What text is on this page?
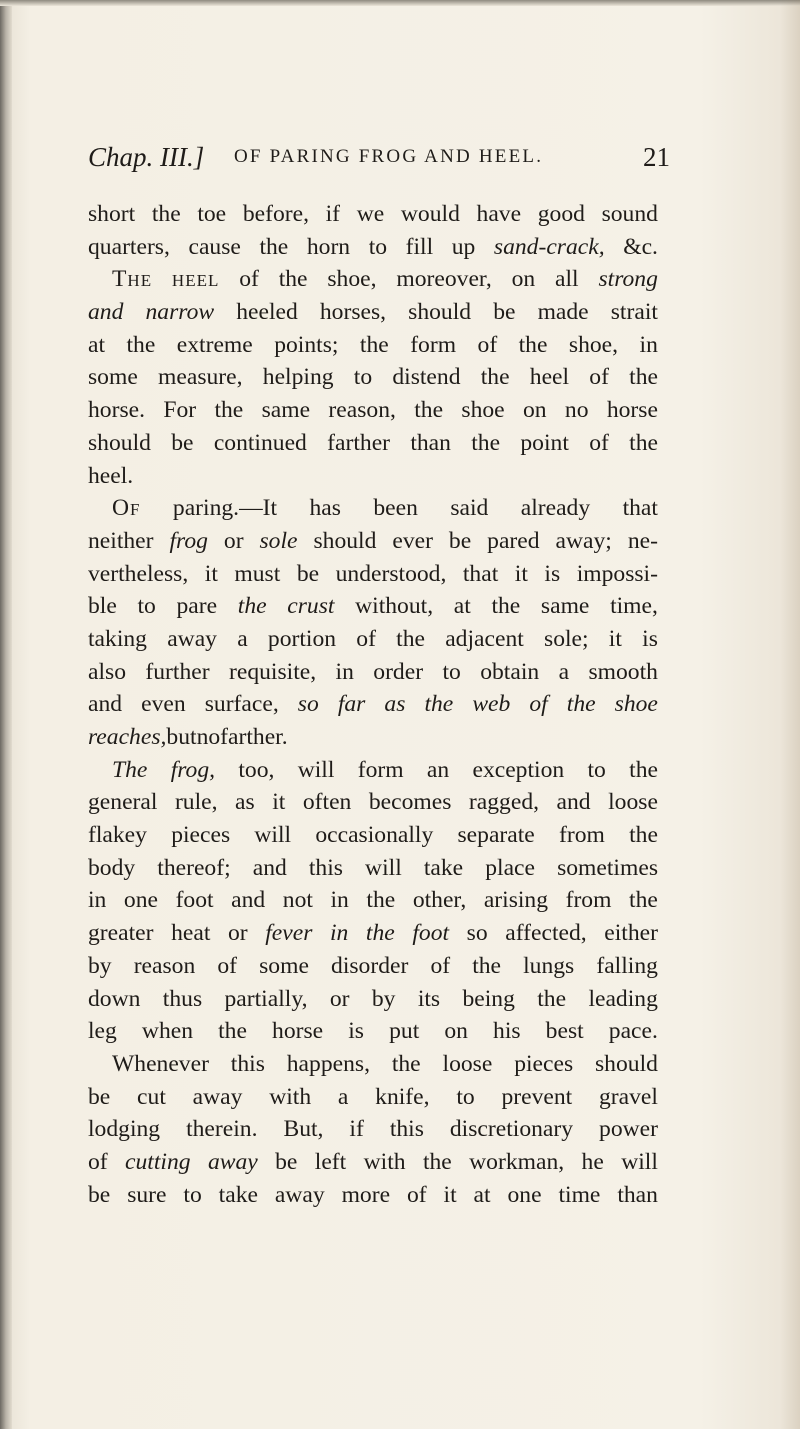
Chap. III.] OF PARING FROG AND HEEL.	21
short the toe before, if we would have good sound
quarters, cause the horn to fill up sand-crack, &c.
The heel of the shoe, moreover, on all strong
and narrow heeled horses, should be made strait
at the extreme points; the form of the shoe, in
some measure, helping to distend the heel of the
horse. For the same reason, the shoe on no horse
should be continued farther than the point of the
heel.
Of paring.—It has been said already that
neither frog or sole should ever be pared away; ne-
vertheless, it must be understood, that it is impossi-
ble to pare the crust without, at the same time,
taking away a portion of the adjacent sole; it is
also further requisite, in order to obtain a smooth
and even surface, so far as the web of the shoe
reaches, but no farther.
The frog, too, will form an exception to the
general rule, as it often becomes ragged, and loose
flakey pieces will occasionally separate from the
body thereof; and this will take place sometimes
in one foot and not in the other, arising from the
greater heat or fever in the foot so affected, either
by reason of some disorder of the lungs falling
down thus partially, or by its being the leading
leg when the horse is put on his best pace.
Whenever this happens, the loose pieces should
be cut away with a knife, to prevent gravel
lodging therein. But, if this discretionary power
of cutting away be left with the workman, he will
be sure to take away more of it at one time than
